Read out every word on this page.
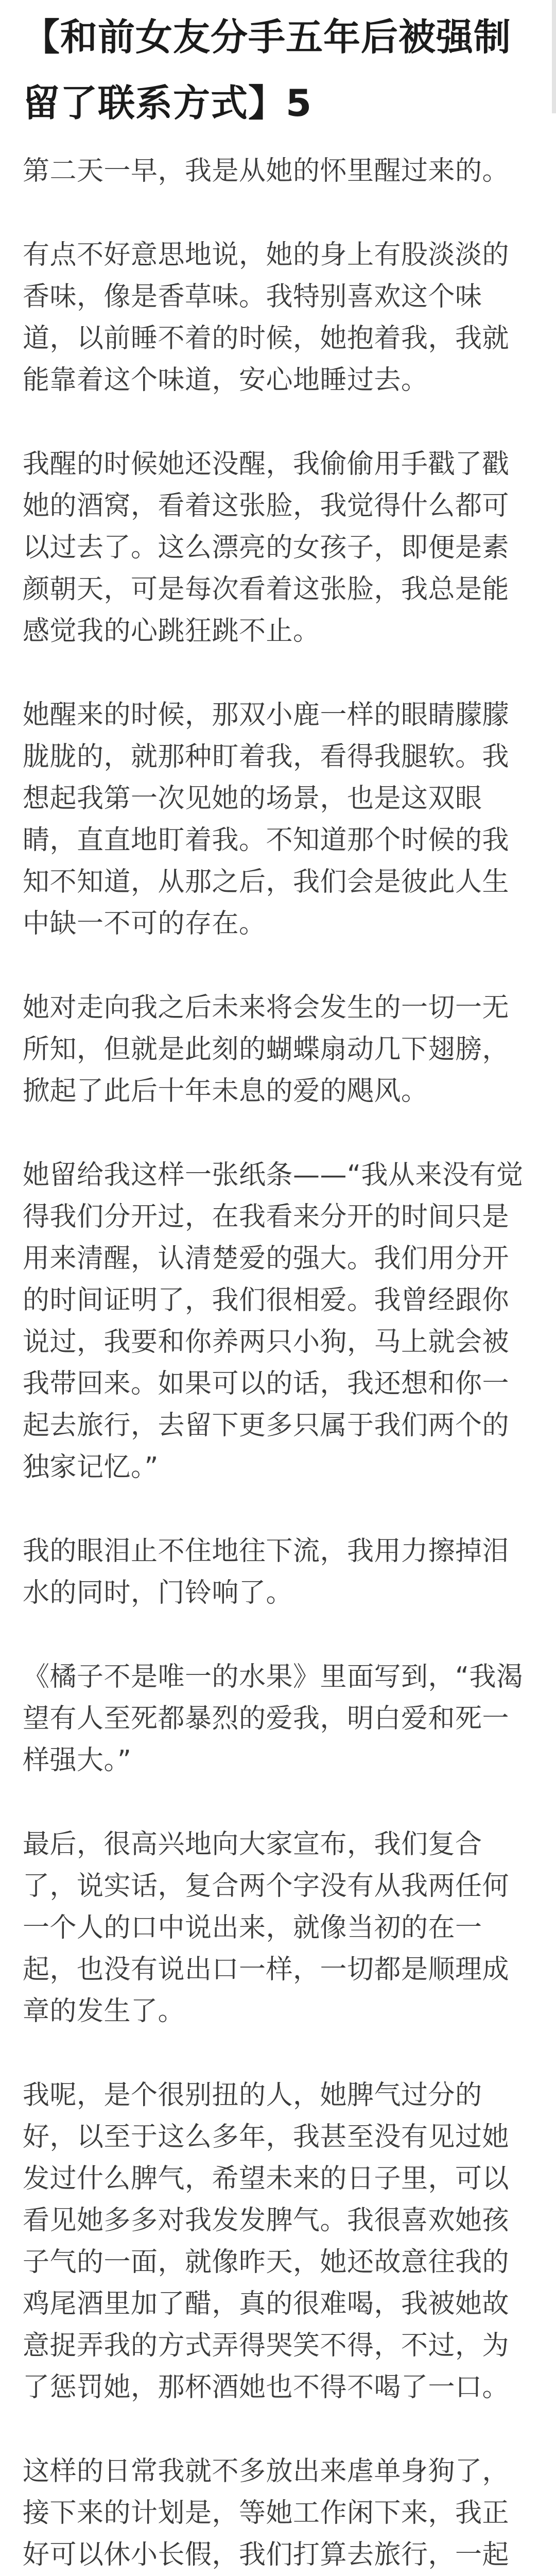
【和前女友分手五年后被强制留了联系方式】5

第二天一早，我是从她的怀里醒过来的。

有点不好意思地说，她的身上有股淡淡的香味，像是香草味。我特别喜欢这个味道，以前睡不着的时候，她抱着我，我就能靠着这个味道，安心地睡过去。

我醒的时候她还没醒，我偷偷用手戳了戳她的酒窝，看着这张脸，我觉得什么都可以过去了。这么漂亮的女孩子，即便是素颜朝天，可是每次看着这张脸，我总是能感觉我的心跳狂跳不止。

她醒来的时候，那双小鹿一样的眼睛朦朦胧胧的，就那种盯着我，看得我腿软。我想起我第一次见她的场景，也是这双眼睛，直直地盯着我。不知道那个时候的我知不知道，从那之后，我们会是彼此人生中缺一不可的存在。

她对走向我之后未来将会发生的一切一无所知，但就是此刻的蝴蝶扇动几下翅膀，掀起了此后十年未息的爱的飓风。

她留给我这样一张纸条——“我从来没有觉得我们分开过，在我看来分开的时间只是用来清醒，认清楚爱的强大。我们用分开的时间证明了，我们很相爱。我曾经跟你说过，我要和你养两只小狗，马上就会被我带回来。如果可以的话，我还想和你一起去旅行，去留下更多只属于我们两个的独家记忆。”

我的眼泪止不住地往下流，我用力擦掉泪水的同时，门铃响了。

《橘子不是唯一的水果》里面写到，“我渴望有人至死都暴烈的爱我，明白爱和死一样强大。”

最后，很高兴地向大家宣布，我们复合了，说实话，复合两个字没有从我两任何一个人的口中说出来，就像当初的在一起，也没有说出口一样，一切都是顺理成章的发生了。

我呢，是个很别扭的人，她脾气过分的好，以至于这么多年，我甚至没有见过她发过什么脾气，希望未来的日子里，可以看见她多多对我发发脾气。我很喜欢她孩子气的一面，就像昨天，她还故意往我的鸡尾酒里加了醋，真的很难喝，我被她故意捉弄我的方式弄得哭笑不得，不过，为了惩罚她，那杯酒她也不得不喝了一口。

这样的日常我就不多放出来虐单身狗了，接下来的计划是，等她工作闲下来，我正好可以休小长假，我们打算去旅行，一起
